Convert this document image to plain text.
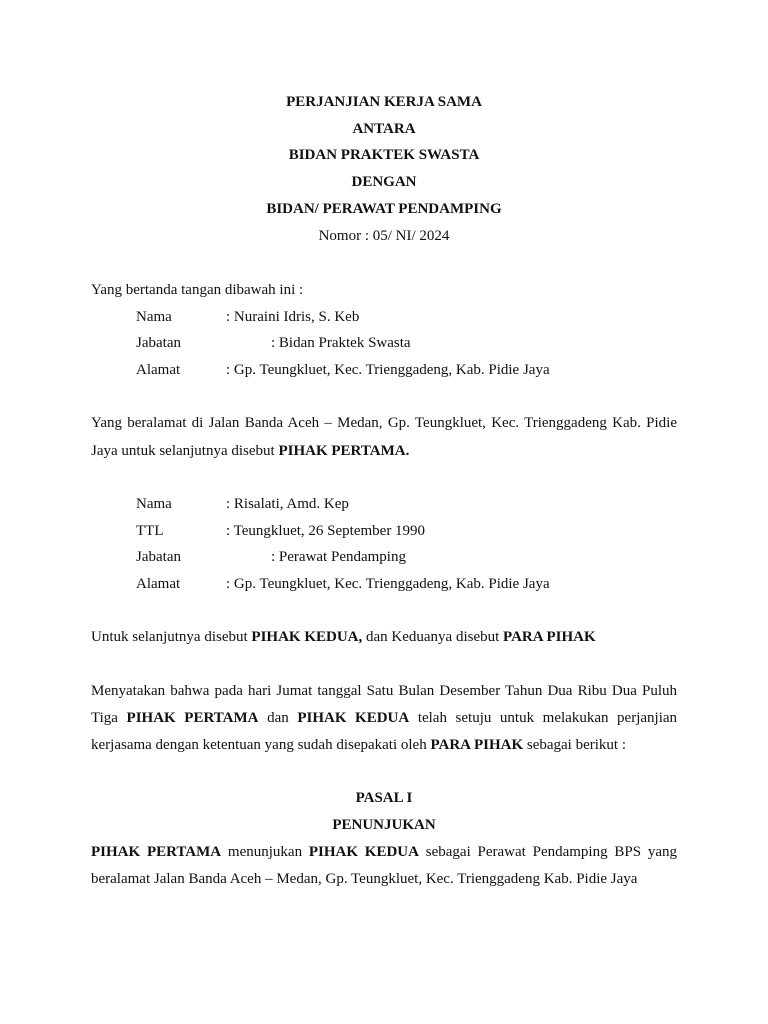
PERJANJIAN KERJA SAMA
ANTARA
BIDAN PRAKTEK SWASTA
DENGAN
BIDAN/ PERAWAT PENDAMPING
Nomor : 05/ NI/ 2024
Yang bertanda tangan dibawah ini :
Nama	: Nuraini Idris, S. Keb
Jabatan	: Bidan Praktek Swasta
Alamat	: Gp. Teungkluet, Kec. Trienggadeng, Kab. Pidie Jaya
Yang beralamat di Jalan Banda Aceh – Medan, Gp. Teungkluet, Kec. Trienggadeng Kab. Pidie
Jaya untuk selanjutnya disebut PIHAK PERTAMA.
Nama	: Risalati, Amd. Kep
TTL	: Teungkluet, 26 September 1990
Jabatan	: Perawat Pendamping
Alamat	: Gp. Teungkluet, Kec. Trienggadeng, Kab. Pidie Jaya
Untuk selanjutnya disebut PIHAK KEDUA, dan Keduanya disebut PARA PIHAK
Menyatakan bahwa pada hari Jumat tanggal Satu Bulan Desember Tahun Dua Ribu Dua Puluh
Tiga PIHAK PERTAMA dan PIHAK KEDUA telah setuju untuk melakukan perjanjian
kerjasama dengan ketentuan yang sudah disepakati oleh PARA PIHAK sebagai berikut :
PASAL I
PENUNJUKAN
PIHAK PERTAMA menunjukan PIHAK KEDUA sebagai Perawat Pendamping BPS yang
beralamat Jalan Banda Aceh – Medan, Gp. Teungkluet, Kec. Trienggadeng Kab. Pidie Jaya
